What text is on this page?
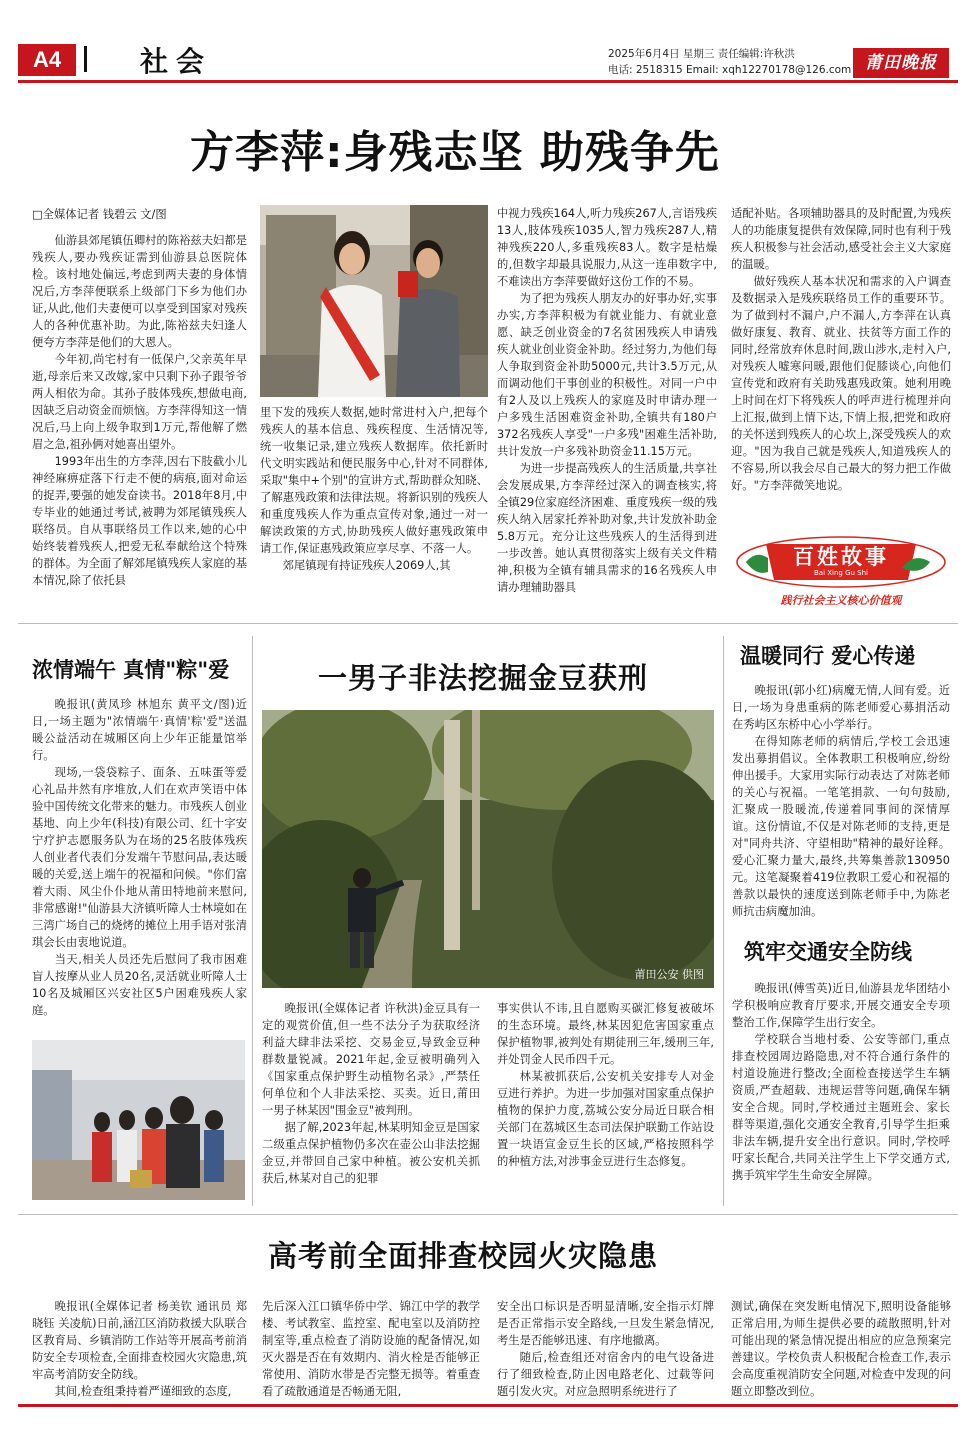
A4	社会	2025年6月4日 星期三 责任编辑:许秋洪
电话: 2518315 Email: xqh12270178@126.com 莆田晚报
方李萍:身残志坚 助残争先
□全媒体记者 钱碧云 文/图

仙游县郊尾镇伍卿村的陈裕兹夫妇都是残疾人,要办残疾证需到仙游县总医院体检。该村地处偏远,考虑到两夫妻的身体情况后,方李萍便联系上级部门下乡为他们办证,从此,他们夫妻便可以享受到国家对残疾人的各种优惠补助。为此,陈裕兹夫妇逢人便夸方李萍是他们的大恩人。

今年初,尚宅村有一低保户,父亲英年早逝,母亲后来又改嫁,家中只剩下孙子跟爷爷两人相依为命。其孙子肢体残疾,想做电商,因缺乏启动资金而烦恼。方李萍得知这一情况后,马上向上级争取到1万元,帮他解了燃眉之急,祖孙俩对她喜出望外。

1993年出生的方李萍,因右下肢截小儿神经麻痹症落下行走不便的病痕,面对命运的捉弄,要强的她发奋读书。2018年8月,中专毕业的她通过考试,被聘为郊尾镇残疾人联络员。自从事联络员工作以来,她的心中始终装着残疾人,把爱无私奉献给这个特殊的群体。为全面了解郊尾镇残疾人家庭的基本情况,除了依托县

里下发的残疾人数据,她时常进村入户,把每个残疾人的基本信息、残疾程度、生活情况等,统一收集记录,建立残疾人数据库。依托新时代文明实践站和便民服务中心,针对不同群体,采取"集中+个别"的宣讲方式,帮助群众知晓、了解惠残政策和法律法规。将新识别的残疾人和重度残疾人作为重点宣传对象,通过一对一解读政策的方式,协助残疾人做好惠残政策申请工作,保证惠残政策应享尽享、不落一人。

郊尾镇现有持证残疾人2069人,其

中视力残疾164人,听力残疾267人,言语残疾13人,肢体残疾1035人,智力残疾287人,精神残疾220人,多重残疾83人。数字是枯燥的,但数字却最具说服力,从这一连串数字中,不难读出方李萍要做好这份工作的不易。

为了把为残疾人朋友办的好事办好,实事办实,方李萍积极为有就业能力、有就业意愿、缺乏创业资金的7名贫困残疾人申请残疾人就业创业资金补助。经过努力,为他们每人争取到资金补助5000元,共计3.5万元,从而调动他们干事创业的积极性。对同一户中有2人及以上残疾人的家庭及时申请办理一户多残生活困难资金补助,全镇共有180户372名残疾人享受"一户多残"困难生活补助,共计发放一户多残补助资金11.15万元。

为进一步提高残疾人的生活质量,共享社会发展成果,方李萍经过深入的调查核实,将全镇29位家庭经济困难、重度残疾一级的残疾人纳入居家托养补助对象,共计发放补助金5.8万元。充分让这些残疾人的生活得到进一步改善。她认真贯彻落实上级有关文件精神,积极为全镇有辅具需求的16名残疾人申请办理辅助器具

适配补贴。各项辅助器具的及时配置,为残疾人的功能康复提供有效保障,同时也有利于残疾人积极参与社会活动,感受社会主义大家庭的温暖。

做好残疾人基本状况和需求的入户调查及数据录入是残疾联络员工作的重要环节。为了做到村不漏户,户不漏人,方李萍在认真做好康复、教育、就业、扶贫等方面工作的同时,经常放弃休息时间,跋山涉水,走村入户,对残疾人嘘寒问暖,跟他们促膝谈心,向他们宣传党和政府有关助残惠残政策。她利用晚上时间在灯下将残疾人的呼声进行梳理并向上汇报,做到上情下达,下情上报,把党和政府的关怀送到残疾人的心坎上,深受残疾人的欢迎。"因为我自己就是残疾人,知道残疾人的不容易,所以我会尽自己最大的努力把工作做好。"方李萍微笑地说。

百姓故事
Bai Xing Gu Shi
践行社会主义核心价值观
浓情端午 真情"粽"爱

晚报讯(黄凤珍 林旭东 黄平文/图)近日,一场主题为"浓情端午·真情'粽'爱"送温暖公益活动在城厢区向上少年正能量馆举行。

现场,一袋袋粽子、面条、五味蛋等爱心礼品井然有序堆放,人们在欢声笑语中体验中国传统文化带来的魅力。市残疾人创业基地、向上少年(科技)有限公司、红十字安宁疗护志愿服务队为在场的25名肢体残疾人创业者代表们分发端午节慰问品,表达暖暖的关爱,送上端午的祝福和问候。"你们富着大雨、风尘仆仆地从莆田特地前来慰问,非常感谢!"仙游县大济镇听障人士林境如在三湾广场自己的烧烤的摊位上用手语对张清琪会长由衷地说道。

当天,相关人员还先后慰问了我市困难盲人按摩从业人员20名,灵活就业听障人士10名及城厢区兴安社区5户困难残疾人家庭。

一男子非法挖掘金豆获刑
莆田公安 供图

晚报讯(全媒体记者 许秋洪)金豆具有一定的观赏价值,但一些不法分子为获取经济利益大肆非法采挖、交易金豆,导致金豆种群数量锐减。2021年起,金豆被明确列入《国家重点保护野生动植物名录》,严禁任何单位和个人非法采挖、买卖。近日,莆田一男子林某因"围金豆"被判刑。

据了解,2023年起,林某明知金豆是国家二级重点保护植物仍多次在壶公山非法挖掘金豆,并带回自己家中种植。被公安机关抓获后,林某对自己的犯罪

事实供认不讳,且自愿购买碳汇修复被破坏的生态环境。最终,林某因犯危害国家重点保护植物罪,被判处有期徒刑三年,缓刑三年,并处罚金人民币四千元。

林某被抓获后,公安机关安排专人对金豆进行养护。为进一步加强对国家重点保护植物的保护力度,荔城公安分局近日联合相关部门在荔城区生态司法保护联勤工作站设置一块语宣金豆生长的区域,严格按照科学的种植方法,对涉事金豆进行生态修复。

温暖同行 爱心传递

晚报讯(郭小红)病魔无情,人间有爱。近日,一场为身患重病的陈老师爱心募捐活动在秀屿区东桥中心小学举行。

在得知陈老师的病情后,学校工会迅速发出募捐倡议。全体教职工积极响应,纷纷伸出援手。大家用实际行动表达了对陈老师的关心与祝福。一笔笔捐款、一句句鼓励,汇聚成一股暖流,传递着同事间的深情厚谊。这份情谊,不仅是对陈老师的支持,更是对"同舟共济、守望相助"精神的最好诠释。爱心汇聚力量大,最终,共筹集善款130950元。这笔凝聚着419位教职工爱心和祝福的善款以最快的速度送到陈老师手中,为陈老师抗击病魔加油。

筑牢交通安全防线

晚报讯(傅雪英)近日,仙游县龙华团结小学积极响应教育厅要求,开展交通安全专项整治工作,保障学生出行安全。

学校联合当地村委、公安等部门,重点排查校园周边路隐患,对不符合通行条件的村道设施进行整改;全面检查接送学生车辆资质,严查超载、违规运营等问题,确保车辆安全合规。同时,学校通过主题班会、家长群等渠道,强化交通安全教育,引导学生拒乘非法车辆,提升安全出行意识。同时,学校呼吁家长配合,共同关注学生上下学交通方式,携手筑牢学生生命安全屏障。

高考前全面排查校园火灾隐患

晚报讯(全媒体记者 杨美钦 通讯员 郑晓钰 关凌航)日前,涵江区消防救援大队联合区教育局、乡镇消防工作站等开展高考前消防安全专项检查,全面排查校园火灾隐患,筑牢高考消防安全防线。

其间,检查组秉持着严谨细致的态度,

先后深入江口镇华侨中学、锦江中学的教学楼、考试教室、监控室、配电室以及消防控制室等,重点检查了消防设施的配备情况,如灭火器是否在有效期内、消火栓是否能够正常使用、消防水带是否完整无损等。着重查看了疏散通道是否畅通无阻,

安全出口标识是否明显清晰,安全指示灯牌是否正常指示安全路线,一旦发生紧急情况,考生是否能够迅速、有序地撤离。

随后,检查组还对宿舍内的电气设备进行了细致检查,防止因电路老化、过载等问题引发火灾。对应急照明系统进行了

测试,确保在突发断电情况下,照明设备能够正常启用,为师生提供必要的疏散照明,针对可能出现的紧急情况提出相应的应急预案完善建议。学校负责人积极配合检查工作,表示会高度重视消防安全问题,对检查中发现的问题立即整改到位。
